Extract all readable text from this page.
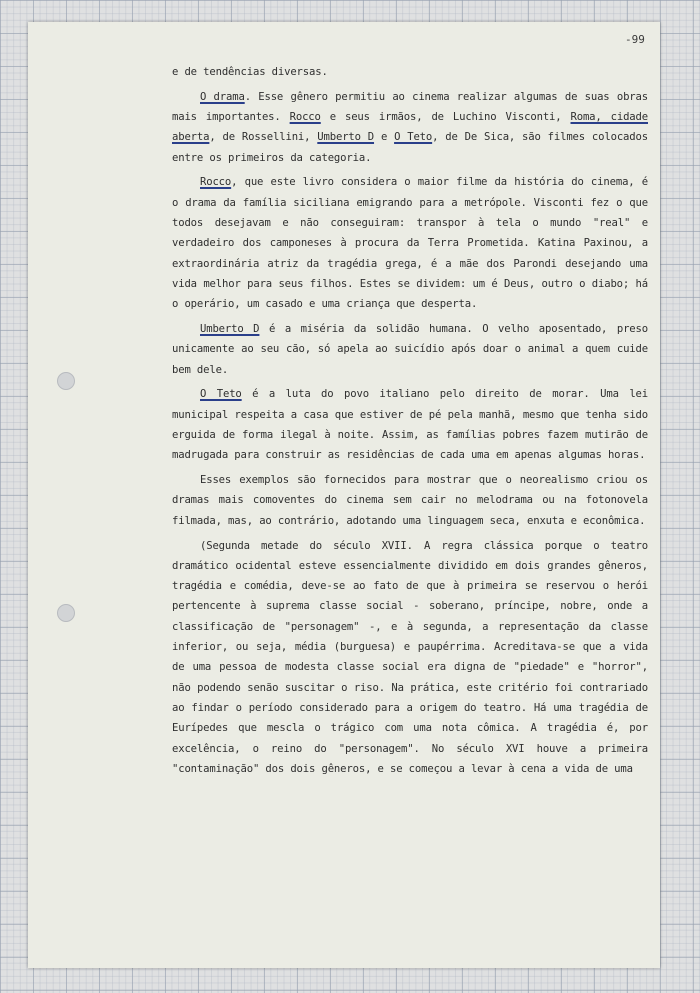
-99

e de tendências diversas.

O drama. Esse gênero permitiu ao cinema realizar algumas de suas obras mais importantes. Rocco e seus irmãos, de Luchino Visconti, Roma, cidade aberta, de Rossellini, Umberto D e O Teto, de De Sica, são filmes colocados entre os primeiros da categoria.

Rocco, que este livro considera o maior filme da história do cinema, é o drama da família siciliana emigrando para a metrópole. Visconti fez o que todos desejavam e não conseguiram: transpor à tela o mundo "real" e verdadeiro dos camponeses à procura da Terra Prometida. Katina Paxinou, a extraordinária atriz da tragédia grega, é a mãe dos Parondi desejando uma vida melhor para seus filhos. Estes se dividem: um é Deus, outro o diabo; há o operário, um casado e uma criança que desperta.

Umberto D é a miséria da solidão humana. O velho aposentado, preso unicamente ao seu cão, só apela ao suicídio após doar o animal a quem cuide bem dele.

O Teto é a luta do povo italiano pelo direito de morar. Uma lei municipal respeita a casa que estiver de pé pela manhã, mesmo que tenha sido erguida de forma ilegal à noite. Assim, as famílias pobres fazem mutirão de madrugada para construir as residências de cada uma em apenas algumas horas.

Esses exemplos são fornecidos para mostrar que o neorealismo criou os dramas mais comoventes do cinema sem cair no melodrama ou na fotonovela filmada, mas, ao contrário, adotando uma linguagem seca, enxuta e econômica.

(Segunda metade do século XVII. A regra clássica porque o teatro dramático ocidental esteve essencialmente dividido em dois grandes gêneros, tragédia e comédia, deve-se ao fato de que à primeira se reservou o herói pertencente à suprema classe social - soberano, príncipe, nobre, onde a classificação de "personagem" -, e à segunda, a representação da classe inferior, ou seja, média (burguesa) e paupérrima. Acreditava-se que a vida de uma pessoa de modesta classe social era digna de "piedade" e "horror", não podendo senão suscitar o riso. Na prática, este critério foi contrariado ao findar o período considerado para a origem do teatro. Há uma tragédia de Eurípedes que mescla o trágico com uma nota cômica. A tragédia é, por excelência, o reino do "personagem". No século XVI houve a primeira "contaminação" dos dois gêneros, e se começou a levar à cena a vida de uma
